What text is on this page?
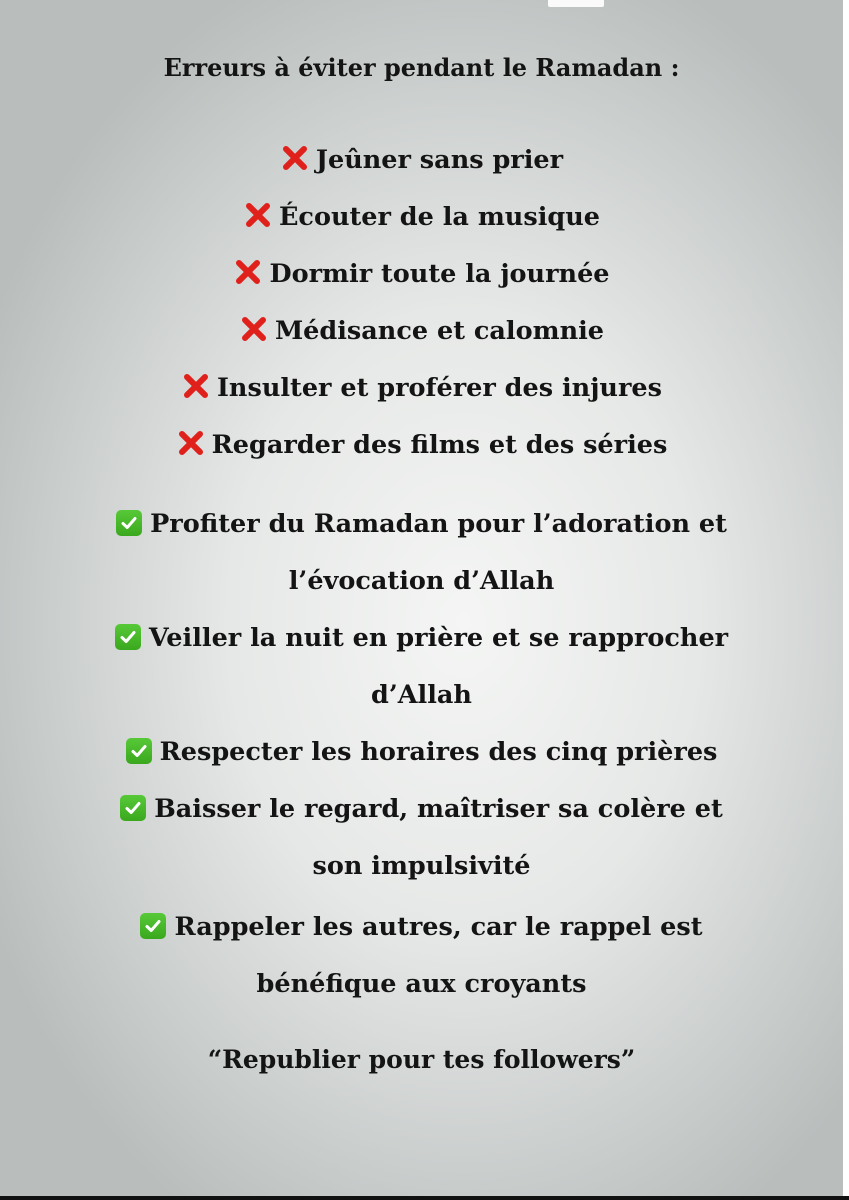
Erreurs à éviter pendant le Ramadan :
Jeûner sans prier
Écouter de la musique
Dormir toute la journée
Médisance et calomnie
Insulter et proférer des injures
Regarder des films et des séries
Profiter du Ramadan pour l’adoration et
l’évocation d’Allah
Veiller la nuit en prière et se rapprocher
d’Allah
Respecter les horaires des cinq prières
Baisser le regard, maîtriser sa colère et
son impulsivité
Rappeler les autres, car le rappel est
bénéfique aux croyants
“Republier pour tes followers”
